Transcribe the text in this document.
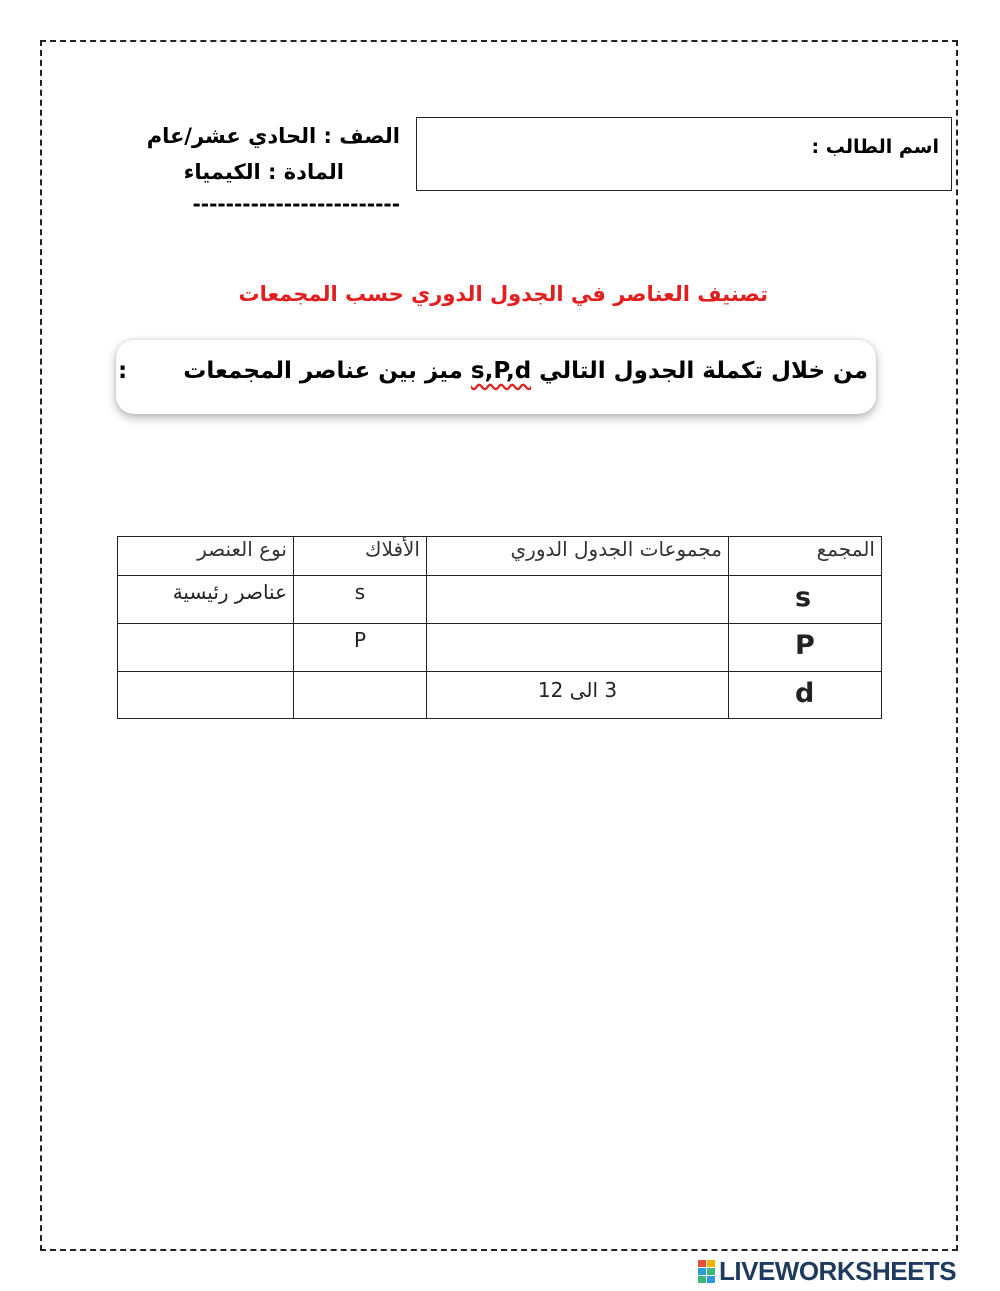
اسم الطالب :
الصف : الحادي عشر/عام
المادة : الكيمياء
-------------------------
تصنيف العناصر في الجدول الدوري حسب المجمعات
من خلال تكملة الجدول التالي s,P,d ميز بين عناصر المجمعات :
المجمع	مجموعات الجدول الدوري	الأفلاك	نوع العنصر
s		s	عناصر رئيسية

P		P	

d	3 الى 12		

LIVEWORKSHEETS
